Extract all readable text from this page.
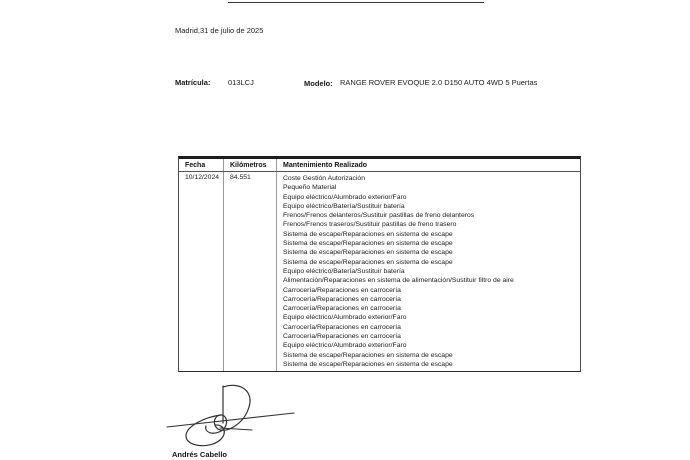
Madrid,31 de julio de 2025
Matrícula: 013LCJ	Modelo: RANGE ROVER EVOQUE 2.0 D150 AUTO 4WD 5 Puertas
Fecha	Kilómetros	Mantenimiento Realizado
10/12/2024	84.551	Coste Gestión Autorización
Pequeño Material
Equipo eléctrico/Alumbrado exterior/Faro
Equipo eléctrico/Batería/Sustituir batería
Frenos/Frenos delanteros/Sustituir pastillas de freno delanteros
Frenos/Frenos traseros/Sustituir pastillas de freno trasero
Sistema de escape/Reparaciones en sistema de escape
Sistema de escape/Reparaciones en sistema de escape
Sistema de escape/Reparaciones en sistema de escape
Sistema de escape/Reparaciones en sistema de escape
Equipo eléctrico/Batería/Sustituir batería
Alimentación/Reparaciones en sistema de alimentación/Sustituir filtro de aire
Carrocería/Reparaciones en carrocería
Carrocería/Reparaciones en carrocería
Carrocería/Reparaciones en carrocería
Equipo eléctrico/Alumbrado exterior/Faro
Carrocería/Reparaciones en carrocería
Carrocería/Reparaciones en carrocería
Equipo eléctrico/Alumbrado exterior/Faro
Sistema de escape/Reparaciones en sistema de escape
Sistema de escape/Reparaciones en sistema de escape
Andrés Cabello
